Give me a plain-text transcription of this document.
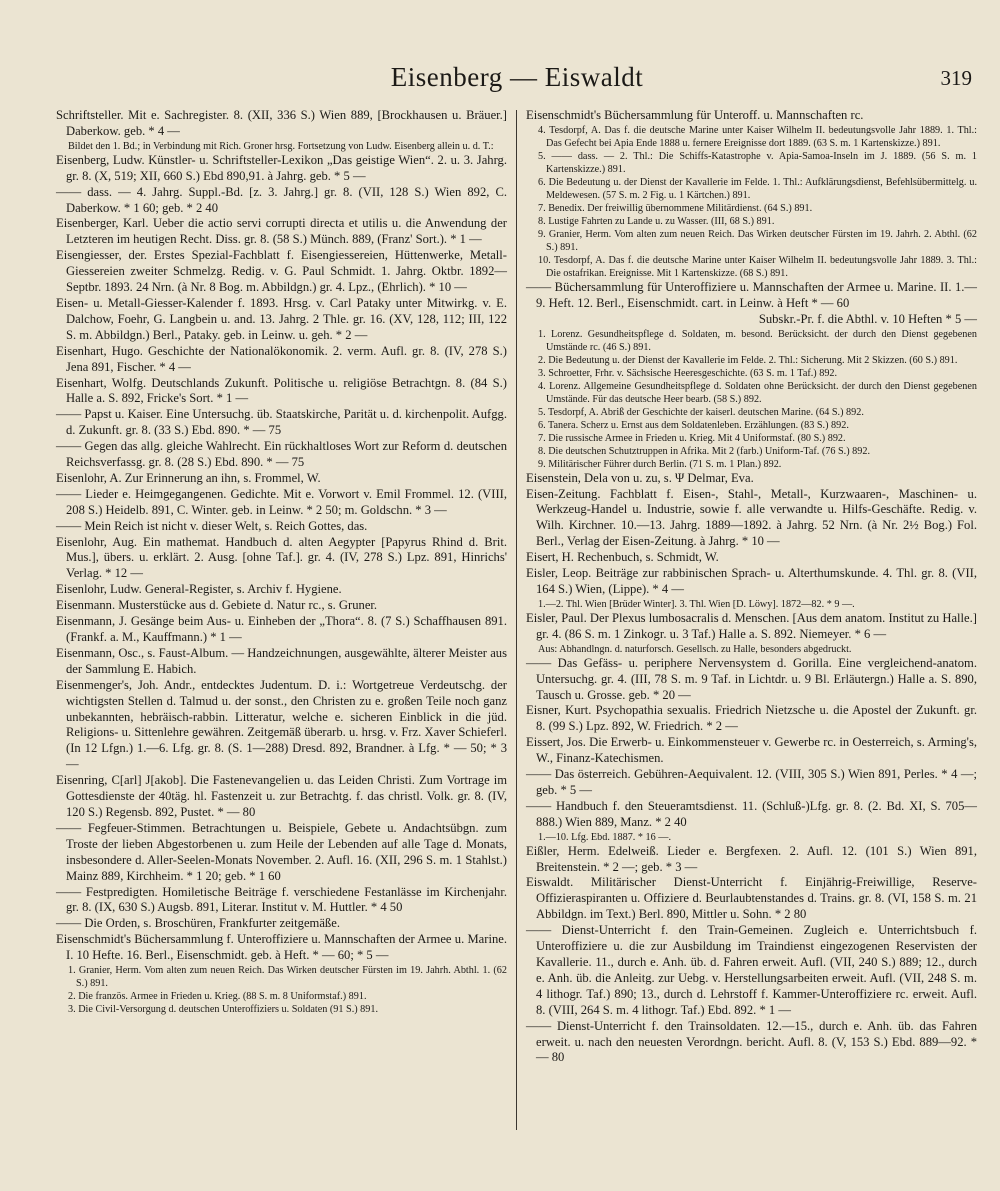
Eisenberg — Eiswaldt	319

Schriftsteller. Mit e. Sachregister. 8. (XII, 336 S.) Wien 889, [Brockhausen u. Bräuer.] Daberkow. geb. * 4 —

Bildet den 1. Bd.; in Verbindung mit Rich. Groner hrsg. Fortsetzung von Ludw. Eisenberg allein u. d. T.:

Eisenberg, Ludw. Künstler- u. Schriftsteller-Lexikon „Das geistige Wien“. 2. u. 3. Jahrg. gr. 8. (X, 519; XII, 660 S.) Ebd 890,91. à Jahrg. geb. * 5 —

—— dass. — 4. Jahrg. Suppl.-Bd. [z. 3. Jahrg.] gr. 8. (VII, 128 S.) Wien 892, C. Daberkow. * 1 60; geb. * 2 40

Eisenberger, Karl. Ueber die actio servi corrupti directa et utilis u. die Anwendung der Letzteren im heutigen Recht. Diss. gr. 8. (58 S.) Münch. 889, (Franz' Sort.). * 1 —

Eisengiesser, der. Erstes Spezial-Fachblatt f. Eisengiessereien, Hüttenwerke, Metall-Giessereien zweiter Schmelzg. Redig. v. G. Paul Schmidt. 1. Jahrg. Oktbr. 1892—Septbr. 1893. 24 Nrn. (à Nr. 8 Bog. m. Abbildgn.) gr. 4. Lpz., (Ehrlich). * 10 —

Eisen- u. Metall-Giesser-Kalender f. 1893. Hrsg. v. Carl Pataky unter Mitwirkg. v. E. Dalchow, Foehr, G. Langbein u. and. 13. Jahrg. 2 Thle. gr. 16. (XV, 128, 112; III, 122 S. m. Abbildgn.) Berl., Pataky. geb. in Leinw. u. geh. * 2 —

Eisenhart, Hugo. Geschichte der Nationalökonomik. 2. verm. Aufl. gr. 8. (IV, 278 S.) Jena 891, Fischer. * 4 —

Eisenhart, Wolfg. Deutschlands Zukunft. Politische u. religiöse Betrachtgn. 8. (84 S.) Halle a. S. 892, Fricke's Sort. * 1 —

—— Papst u. Kaiser. Eine Untersuchg. üb. Staatskirche, Parität u. d. kirchenpolit. Aufgg. d. Zukunft. gr. 8. (33 S.) Ebd. 890. * — 75

—— Gegen das allg. gleiche Wahlrecht. Ein rückhaltloses Wort zur Reform d. deutschen Reichsverfassg. gr. 8. (28 S.) Ebd. 890. * — 75

Eisenlohr, A. Zur Erinnerung an ihn, s. Frommel, W.

—— Lieder e. Heimgegangenen. Gedichte. Mit e. Vorwort v. Emil Frommel. 12. (VIII, 208 S.) Heidelb. 891, C. Winter. geb. in Leinw. * 2 50; m. Goldschn. * 3 —

—— Mein Reich ist nicht v. dieser Welt, s. Reich Gottes, das.

Eisenlohr, Aug. Ein mathemat. Handbuch d. alten Aegypter [Papyrus Rhind d. Brit. Mus.], übers. u. erklärt. 2. Ausg. [ohne Taf.]. gr. 4. (IV, 278 S.) Lpz. 891, Hinrichs' Verlag. * 12 —

Eisenlohr, Ludw. General-Register, s. Archiv f. Hygiene.

Eisenmann. Musterstücke aus d. Gebiete d. Natur rc., s. Gruner.

Eisenmann, J. Gesänge beim Aus- u. Einheben der „Thora“. 8. (7 S.) Schaffhausen 891. (Frankf. a. M., Kauffmann.) * 1 —

Eisenmann, Osc., s. Faust-Album. — Handzeichnungen, ausgewählte, älterer Meister aus der Sammlung E. Habich.

Eisenmenger's, Joh. Andr., entdecktes Judentum. D. i.: Wortgetreue Verdeutschg. der wichtigsten Stellen d. Talmud u. der sonst., den Christen zu e. großen Teile noch ganz unbekannten, hebräisch-rabbin. Litteratur, welche e. sicheren Einblick in die jüd. Religions- u. Sittenlehre gewähren. Zeitgemäß überarb. u. hrsg. v. Frz. Xaver Schieferl. (In 12 Lfgn.) 1.—6. Lfg. gr. 8. (S. 1—288) Dresd. 892, Brandner. à Lfg. * — 50; * 3 —

Eisenring, C[arl] J[akob]. Die Fastenevangelien u. das Leiden Christi. Zum Vortrage im Gottesdienste der 40täg. hl. Fastenzeit u. zur Betrachtg. f. das christl. Volk. gr. 8. (IV, 120 S.) Regensb. 892, Pustet. * — 80

—— Fegfeuer-Stimmen. Betrachtungen u. Beispiele, Gebete u. Andachtsübgn. zum Troste der lieben Abgestorbenen u. zum Heile der Lebenden auf alle Tage d. Monats, insbesondere d. Aller-Seelen-Monats November. 2. Aufl. 16. (XII, 296 S. m. 1 Stahlst.) Mainz 889, Kirchheim. * 1 20; geb. * 1 60

—— Festpredigten. Homiletische Beiträge f. verschiedene Festanlässe im Kirchenjahr. gr. 8. (IX, 630 S.) Augsb. 891, Literar. Institut v. M. Huttler. * 4 50

—— Die Orden, s. Broschüren, Frankfurter zeitgemäße.

Eisenschmidt's Büchersammlung f. Unteroffiziere u. Mannschaften der Armee u. Marine. I. 10 Hefte. 16. Berl., Eisenschmidt. geb. à Heft. * — 60; * 5 —

1. Granier, Herm. Vom alten zum neuen Reich. Das Wirken deutscher Fürsten im 19. Jahrh. Abthl. 1. (62 S.) 891.

2. Die französ. Armee in Frieden u. Krieg. (88 S. m. 8 Uniformstaf.) 891.

3. Die Civil-Versorgung d. deutschen Unteroffiziers u. Soldaten (91 S.) 891.

Eisenschmidt's Büchersammlung für Unteroff. u. Mannschaften rc.

4. Tesdorpf, A. Das f. die deutsche Marine unter Kaiser Wilhelm II. bedeutungsvolle Jahr 1889. 1. Thl.: Das Gefecht bei Apia Ende 1888 u. fernere Ereignisse dort 1889. (63 S. m. 1 Kartenskizze.) 891.

5. —— dass. — 2. Thl.: Die Schiffs-Katastrophe v. Apia-Samoa-Inseln im J. 1889. (56 S. m. 1 Kartenskizze.) 891.

6. Die Bedeutung u. der Dienst der Kavallerie im Felde. 1. Thl.: Aufklärungsdienst, Befehlsübermittelg. u. Meldewesen. (57 S. m. 2 Fig. u. 1 Kärtchen.) 891.

7. Benedix. Der freiwillig übernommene Militärdienst. (64 S.) 891.

8. Lustige Fahrten zu Lande u. zu Wasser. (III, 68 S.) 891.

9. Granier, Herm. Vom alten zum neuen Reich. Das Wirken deutscher Fürsten im 19. Jahrh. 2. Abthl. (62 S.) 891.

10. Tesdorpf, A. Das f. die deutsche Marine unter Kaiser Wilhelm II. bedeutungsvolle Jahr 1889. 3. Thl.: Die ostafrikan. Ereignisse. Mit 1 Kartenskizze. (68 S.) 891.

—— Büchersammlung für Unteroffiziere u. Mannschaften der Armee u. Marine. II. 1.—9. Heft. 12. Berl., Eisenschmidt. cart. in Leinw. à Heft * — 60

Subskr.-Pr. f. die Abthl. v. 10 Heften * 5 —

1. Lorenz. Gesundheitspflege d. Soldaten, m. besond. Berücksicht. der durch den Dienst gegebenen Umstände rc. (46 S.) 891.

2. Die Bedeutung u. der Dienst der Kavallerie im Felde. 2. Thl.: Sicherung. Mit 2 Skizzen. (60 S.) 891.

3. Schroetter, Frhr. v. Sächsische Heeresgeschichte. (63 S. m. 1 Taf.) 892.

4. Lorenz. Allgemeine Gesundheitspflege d. Soldaten ohne Berücksicht. der durch den Dienst gegebenen Umstände. Für das deutsche Heer bearb. (58 S.) 892.

5. Tesdorpf, A. Abriß der Geschichte der kaiserl. deutschen Marine. (64 S.) 892.

6. Tanera. Scherz u. Ernst aus dem Soldatenleben. Erzählungen. (83 S.) 892.

7. Die russische Armee in Frieden u. Krieg. Mit 4 Uniformstaf. (80 S.) 892.

8. Die deutschen Schutztruppen in Afrika. Mit 2 (farb.) Uniform-Taf. (76 S.) 892.

9. Militärischer Führer durch Berlin. (71 S. m. 1 Plan.) 892.

Eisenstein, Dela von u. zu, s. Ψ Delmar, Eva.

Eisen-Zeitung. Fachblatt f. Eisen-, Stahl-, Metall-, Kurzwaaren-, Maschinen- u. Werkzeug-Handel u. Industrie, sowie f. alle verwandte u. Hilfs-Geschäfte. Redig. v. Wilh. Kirchner. 10.—13. Jahrg. 1889—1892. à Jahrg. 52 Nrn. (à Nr. 2½ Bog.) Fol. Berl., Verlag der Eisen-Zeitung. à Jahrg. * 10 —

Eisert, H. Rechenbuch, s. Schmidt, W.

Eisler, Leop. Beiträge zur rabbinischen Sprach- u. Alterthumskunde. 4. Thl. gr. 8. (VII, 164 S.) Wien, (Lippe). * 4 —

1.—2. Thl. Wien [Brüder Winter]. 3. Thl. Wien [D. Löwy]. 1872—82. * 9 —.

Eisler, Paul. Der Plexus lumbosacralis d. Menschen. [Aus dem anatom. Institut zu Halle.] gr. 4. (86 S. m. 1 Zinkogr. u. 3 Taf.) Halle a. S. 892. Niemeyer. * 6 —

Aus: Abhandlngn. d. naturforsch. Gesellsch. zu Halle, besonders abgedruckt.

—— Das Gefäss- u. periphere Nervensystem d. Gorilla. Eine vergleichend-anatom. Untersuchg. gr. 4. (III, 78 S. m. 9 Taf. in Lichtdr. u. 9 Bl. Erläutergn.) Halle a. S. 890, Tausch u. Grosse. geb. * 20 —

Eisner, Kurt. Psychopathia sexualis. Friedrich Nietzsche u. die Apostel der Zukunft. gr. 8. (99 S.) Lpz. 892, W. Friedrich. * 2 —

Eissert, Jos. Die Erwerb- u. Einkommensteuer v. Gewerbe rc. in Oesterreich, s. Arming's, W., Finanz-Katechismen.

—— Das österreich. Gebühren-Aequivalent. 12. (VIII, 305 S.) Wien 891, Perles. * 4 —; geb. * 5 —

—— Handbuch f. den Steueramtsdienst. 11. (Schluß-)Lfg. gr. 8. (2. Bd. XI, S. 705—888.) Wien 889, Manz. * 2 40

1.—10. Lfg. Ebd. 1887. * 16 —.

Eißler, Herm. Edelweiß. Lieder e. Bergfexen. 2. Aufl. 12. (101 S.) Wien 891, Breitenstein. * 2 —; geb. * 3 —

Eiswaldt. Militärischer Dienst-Unterricht f. Einjährig-Freiwillige, Reserve-Offizieraspiranten u. Offiziere d. Beurlaubtenstandes d. Trains. gr. 8. (VI, 158 S. m. 21 Abbildgn. im Text.) Berl. 890, Mittler u. Sohn. * 2 80

—— Dienst-Unterricht f. den Train-Gemeinen. Zugleich e. Unterrichtsbuch f. Unteroffiziere u. die zur Ausbildung im Traindienst eingezogenen Reservisten der Kavallerie. 11., durch e. Anh. üb. d. Fahren erweit. Aufl. (VII, 240 S.) 889; 12., durch e. Anh. üb. die Anleitg. zur Uebg. v. Herstellungsarbeiten erweit. Aufl. (VII, 248 S. m. 4 lithogr. Taf.) 890; 13., durch d. Lehrstoff f. Kammer-Unteroffiziere rc. erweit. Aufl. 8. (VIII, 264 S. m. 4 lithogr. Taf.) Ebd. 892. * 1 —

—— Dienst-Unterricht f. den Trainsoldaten. 12.—15., durch e. Anh. üb. das Fahren erweit. u. nach den neuesten Verordngn. bericht. Aufl. 8. (V, 153 S.) Ebd. 889—92. * — 80
